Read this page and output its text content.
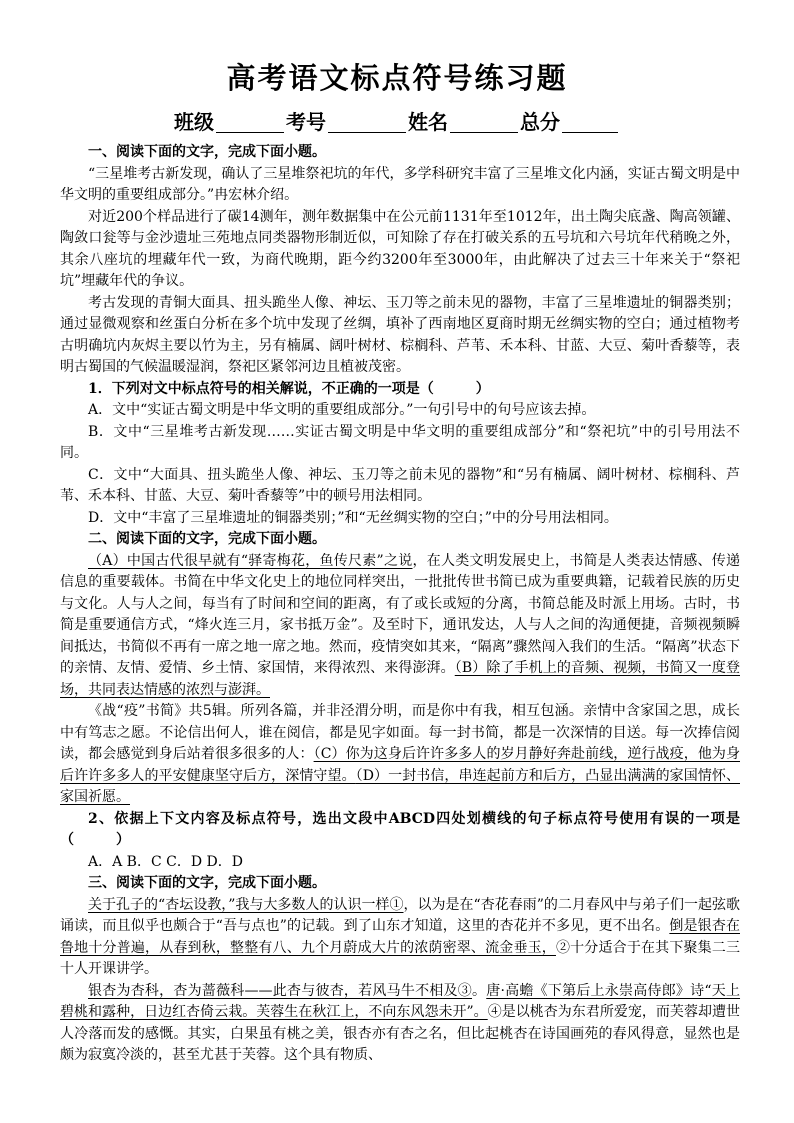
高考语文标点符号练习题
班级	考号	姓名	总分

一、阅读下面的文字，完成下面小题。

“三星堆考古新发现，确认了三星堆祭祀坑的年代，多学科研究丰富了三星堆文化内涵，实证古蜀文明是中华文明的重要组成部分。”冉宏林介绍。

对近200个样品进行了碳14测年，测年数据集中在公元前1131年至1012年，出土陶尖底盏、陶高领罐、陶敛口瓮等与金沙遗址三苑地点同类器物形制近似，可知除了存在打破关系的五号坑和六号坑年代稍晚之外，其余八座坑的埋藏年代一致，为商代晚期，距今约3200年至3000年，由此解决了过去三十年来关于“祭祀坑”埋藏年代的争议。

考古发现的青铜大面具、扭头跪坐人像、神坛、玉刀等之前未见的器物，丰富了三星堆遗址的铜器类别；通过显微观察和丝蛋白分析在多个坑中发现了丝绸，填补了西南地区夏商时期无丝绸实物的空白；通过植物考古明确坑内灰烬主要以竹为主，另有楠属、阔叶树材、棕榈科、芦苇、禾本科、甘蓝、大豆、菊叶香藜等，表明古蜀国的气候温暖湿润，祭祀区紧邻河边且植被茂密。

1．下列对文中标点符号的相关解说，不正确的一项是（　　　）

A．文中“实证古蜀文明是中华文明的重要组成部分。”一句引号中的句号应该去掉。

B．文中“三星堆考古新发现……实证古蜀文明是中华文明的重要组成部分”和“祭祀坑”中的引号用法不同。

C．文中“大面具、扭头跪坐人像、神坛、玉刀等之前未见的器物”和“另有楠属、阔叶树材、棕榈科、芦苇、禾本科、甘蓝、大豆、菊叶香藜等”中的顿号用法相同。

D．文中“丰富了三星堆遗址的铜器类别；”和“无丝绸实物的空白；”中的分号用法相同。

二、阅读下面的文字，完成下面小题。

（A）中国古代很早就有“驿寄梅花，鱼传尺素”之说，在人类文明发展史上，书简是人类表达情感、传递信息的重要载体。书简在中华文化史上的地位同样突出，一批批传世书简已成为重要典籍，记载着民族的历史与文化。人与人之间，每当有了时间和空间的距离，有了或长或短的分离，书简总能及时派上用场。古时，书简是重要通信方式，“烽火连三月，家书抵万金”。及至时下，通讯发达，人与人之间的沟通便捷，音频视频瞬间抵达，书简似不再有一席之地一席之地。然而，疫情突如其来，“隔离”骤然闯入我们的生活。“隔离”状态下的亲情、友情、爱情、乡土情、家国情，来得浓烈、来得澎湃。（B）除了手机上的音频、视频，书简又一度登场，共同表达情感的浓烈与澎湃。

《战“疫”书简》共5辑。所列各篇，并非泾渭分明，而是你中有我，相互包涵。亲情中含家国之思，成长中有笃志之愿。不论信出何人，谁在阅信，都是见字如面。每一封书简，都是一次深情的目送。每一次捧信阅读，都会感觉到身后站着很多很多的人：（C）你为这身后许许多多人的岁月静好奔赴前线，逆行战疫，他为身后许许多多人的平安健康坚守后方，深情守望。（D）一封书信，串连起前方和后方，凸显出满满的家国情怀、家国祈愿。

2、依据上下文内容及标点符号，选出文段中ABCD四处划横线的句子标点符号使用有误的一项是（　　　）

A．A B．C C．D D．D

三、阅读下面的文字，完成下面小题。

关于孔子的“杏坛设教，”我与大多数人的认识一样①，以为是在“杏花春雨”的二月春风中与弟子们一起弦歌诵读，而且似乎也颇合于“吾与点也”的记载。到了山东才知道，这里的杏花并不多见，更不出名。倒是银杏在鲁地十分普遍，从春到秋，整整有八、九个月蔚成大片的浓荫密翠、流金垂玉，②十分适合于在其下聚集二三十人开课讲学。

银杏为杏科，杏为蔷薇科——此杏与彼杏，若风马牛不相及③。唐·高蟾《下第后上永崇高侍郎》诗“天上碧桃和露种，日边红杏倚云栽。芙蓉生在秋江上，不向东风怨未开”。④是以桃杏为东君所爱宠，而芙蓉却遭世人冷落而发的感慨。其实，白果虽有桃之美，银杏亦有杏之名，但比起桃杏在诗国画苑的春风得意，显然也是颇为寂寞冷淡的，甚至尤甚于芙蓉。这个具有物质、
